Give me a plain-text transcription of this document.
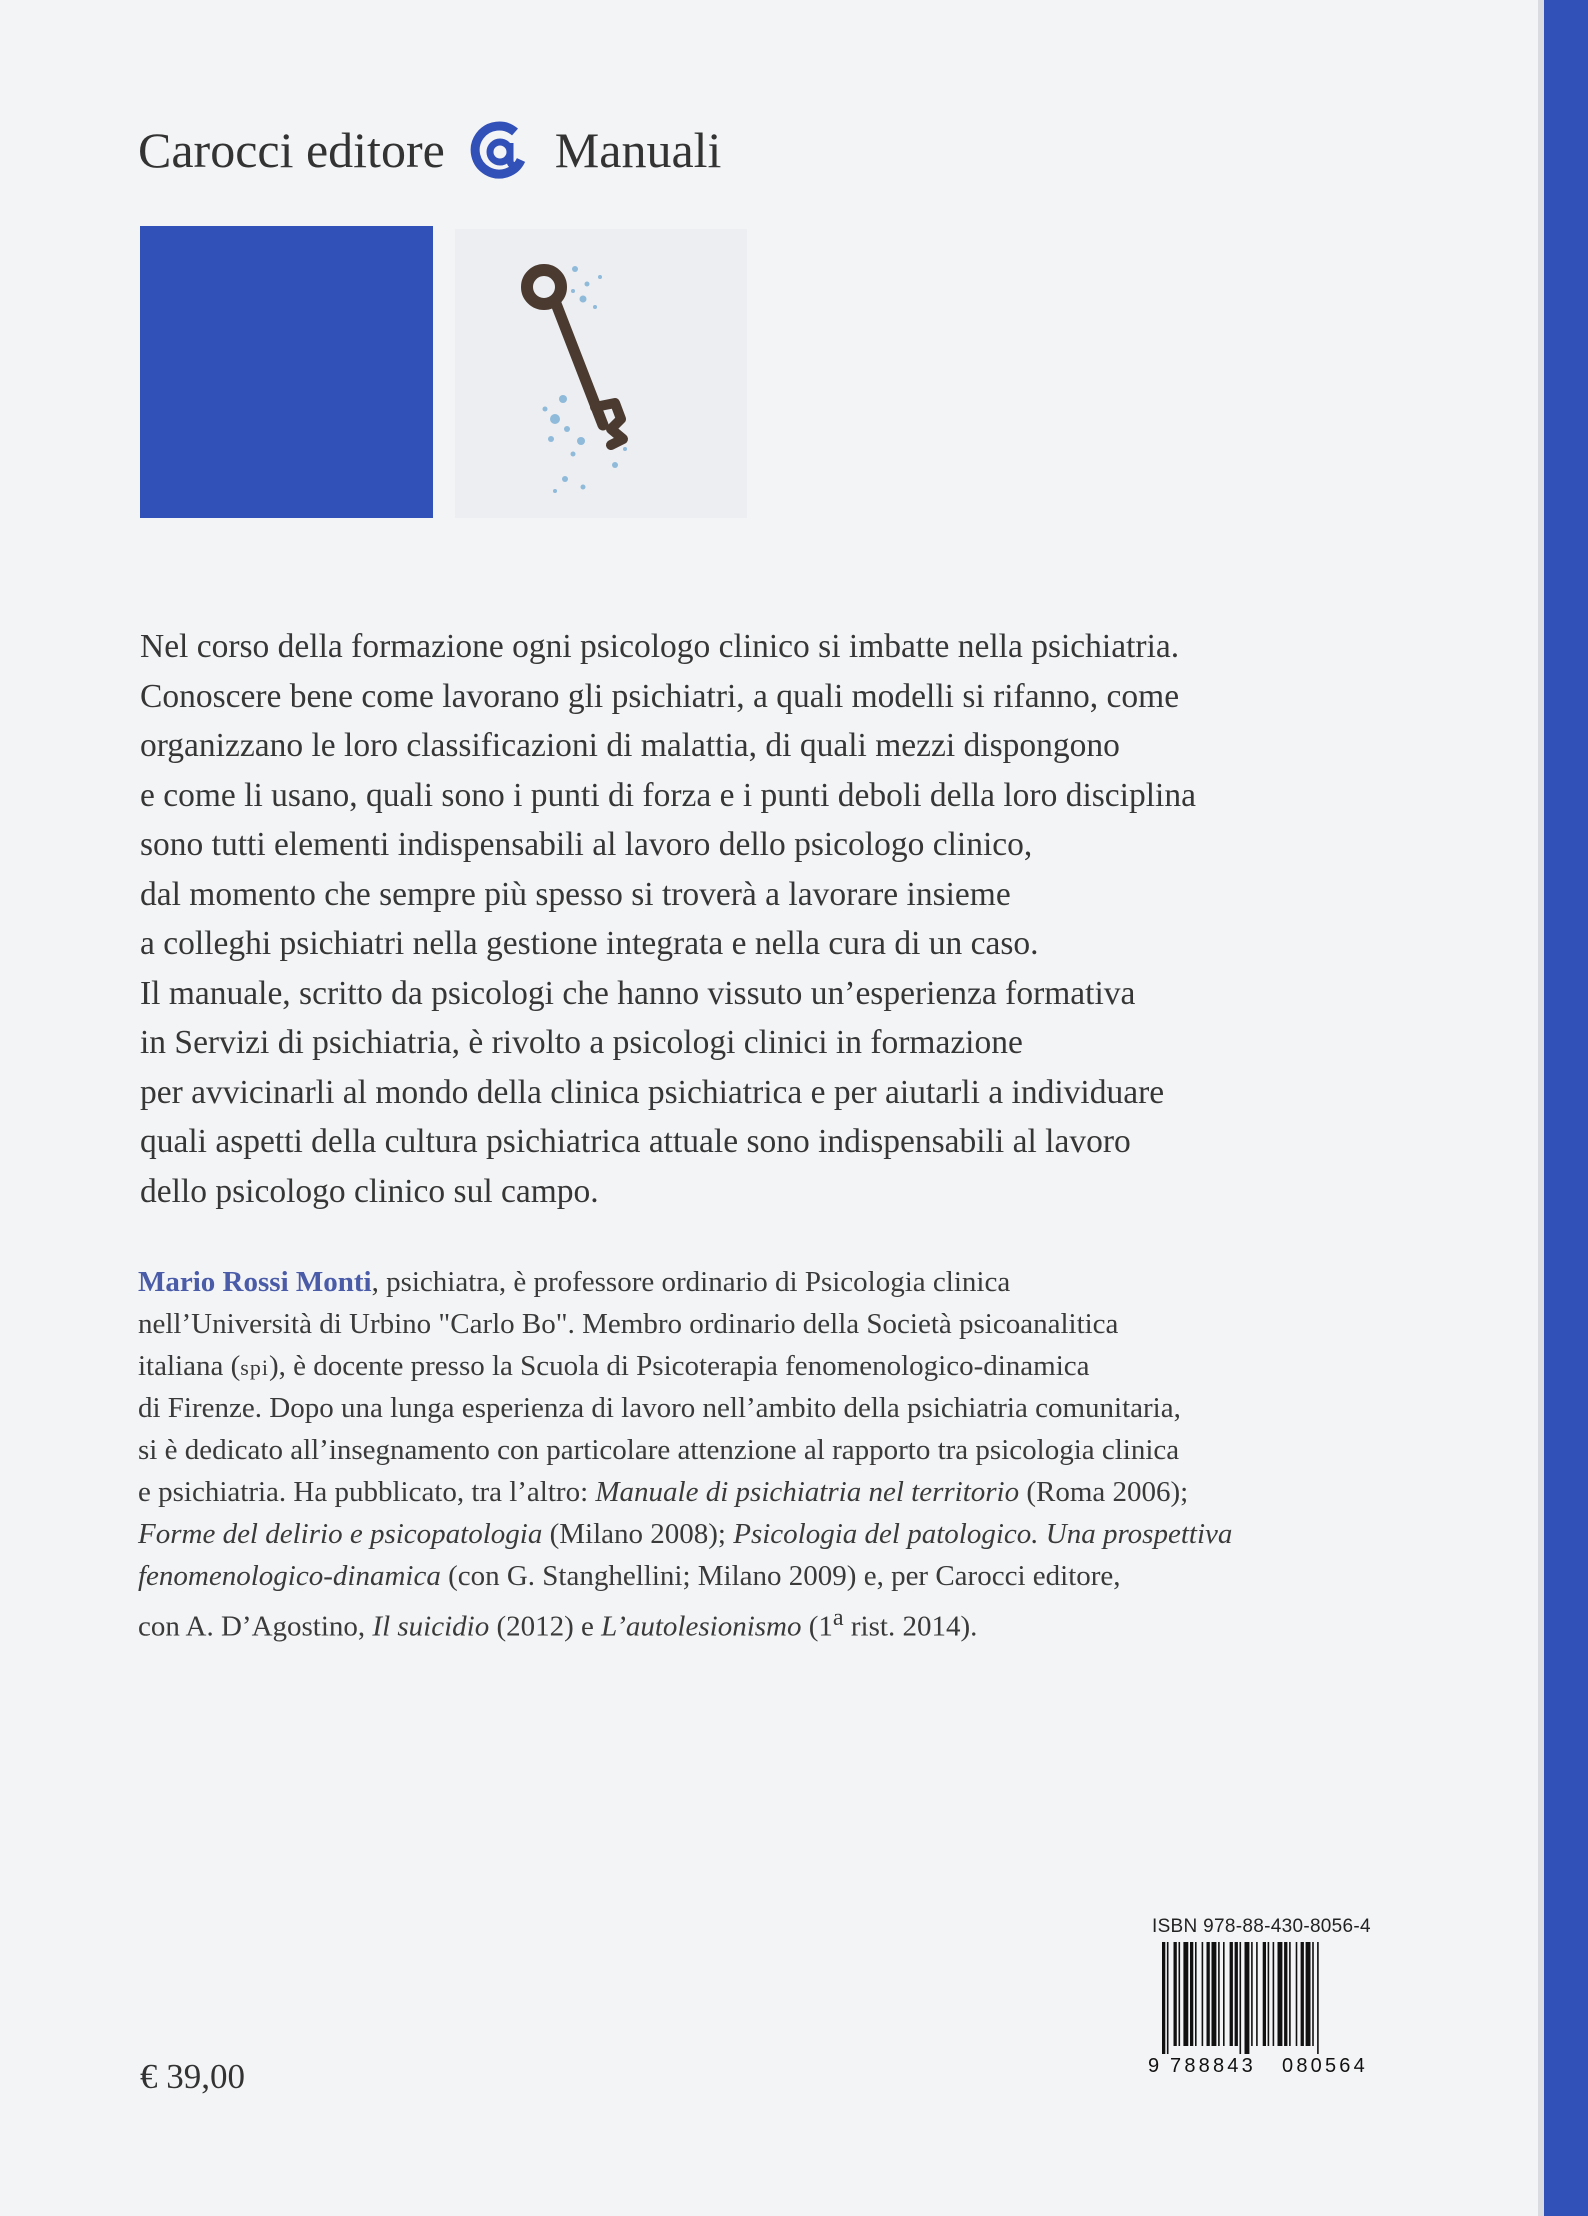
Carocci editore Manuali

Nel corso della formazione ogni psicologo clinico si imbatte nella psichiatria.

Conoscere bene come lavorano gli psichiatri, a quali modelli si rifanno, come

organizzano le loro classificazioni di malattia, di quali mezzi dispongono

e come li usano, quali sono i punti di forza e i punti deboli della loro disciplina

sono tutti elementi indispensabili al lavoro dello psicologo clinico,

dal momento che sempre più spesso si troverà a lavorare insieme

a colleghi psichiatri nella gestione integrata e nella cura di un caso.

Il manuale, scritto da psicologi che hanno vissuto un’esperienza formativa

in Servizi di psichiatria, è rivolto a psicologi clinici in formazione

per avvicinarli al mondo della clinica psichiatrica e per aiutarli a individuare

quali aspetti della cultura psichiatrica attuale sono indispensabili al lavoro

dello psicologo clinico sul campo.

Mario Rossi Monti, psichiatra, è professore ordinario di Psicologia clinica

nell’Università di Urbino "Carlo Bo". Membro ordinario della Società psicoanalitica

italiana (spi), è docente presso la Scuola di Psicoterapia fenomenologico-dinamica

di Firenze. Dopo una lunga esperienza di lavoro nell’ambito della psichiatria comunitaria,

si è dedicato all’insegnamento con particolare attenzione al rapporto tra psicologia clinica

e psichiatria. Ha pubblicato, tra l’altro: Manuale di psichiatria nel territorio (Roma 2006);

Forme del delirio e psicopatologia (Milano 2008); Psicologia del patologico. Una prospettiva

fenomenologico-dinamica (con G. Stanghellini; Milano 2009) e, per Carocci editore,

con A. D’Agostino, Il suicidio (2012) e L’autolesionismo (1$^a$ rist. 2014).

ISBN 978-88-430-8056-4
9 788843 080564
€ 39,00
